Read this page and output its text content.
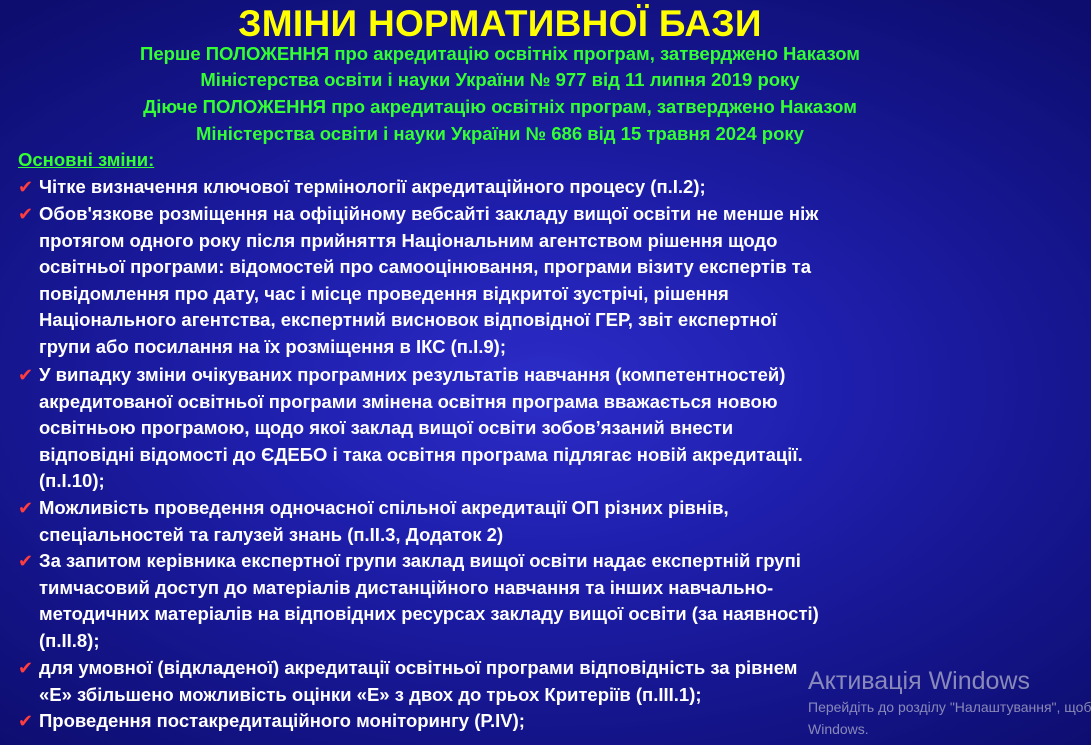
ЗМІНИ НОРМАТИВНОЇ БАЗИ
Перше ПОЛОЖЕННЯ про акредитацію освітніх програм, затверджено Наказом
Міністерства освіти і науки України № 977 від 11 липня 2019 року
Діюче ПОЛОЖЕННЯ про акредитацію освітніх програм, затверджено Наказом
Міністерства освіти і науки України № 686 від 15 травня 2024 року
Основні зміни:
✔ Чітке визначення ключової термінології акредитаційного процесу (п.І.2);
✔ Обов'язкове розміщення на офіційному вебсайті закладу вищої освіти не менше ніж
протягом одного року після прийняття Національним агентством рішення щодо
освітньої програми: відомостей про самооцінювання, програми візиту експертів та
повідомлення про дату, час і місце проведення відкритої зустрічі, рішення
Національного агентства, експертний висновок відповідної ГЕР, звіт експертної
групи або посилання на їх розміщення в ІКС (п.І.9);
✔ У випадку зміни очікуваних програмних результатів навчання (компетентностей)
акредитованої освітньої програми змінена освітня програма вважається новою
освітньою програмою, щодо якої заклад вищої освіти зобов’язаний внести
відповідні відомості до ЄДЕБО і така освітня програма підлягає новій акредитації.
(п.І.10);
✔ Можливість проведення одночасної спільної акредитації ОП різних рівнів,
спеціальностей та галузей знань (п.ІІ.3, Додаток 2)
✔ За запитом керівника експертної групи заклад вищої освіти надає експертній групі
тимчасовий доступ до матеріалів дистанційного навчання та інших навчально-
методичних матеріалів на відповідних ресурсах закладу вищої освіти (за наявності)
(п.ІІ.8);
✔ для умовної (відкладеної) акредитації освітньої програми відповідність за рівнем
«Е» збільшено можливість оцінки «Е» з двох до трьох Критеріїв (п.ІІІ.1);
✔ Проведення постакредитаційного моніторингу (Р.IV);
Активація Windows
Перейдіть до розділу "Налаштування", щоб
Windows.
